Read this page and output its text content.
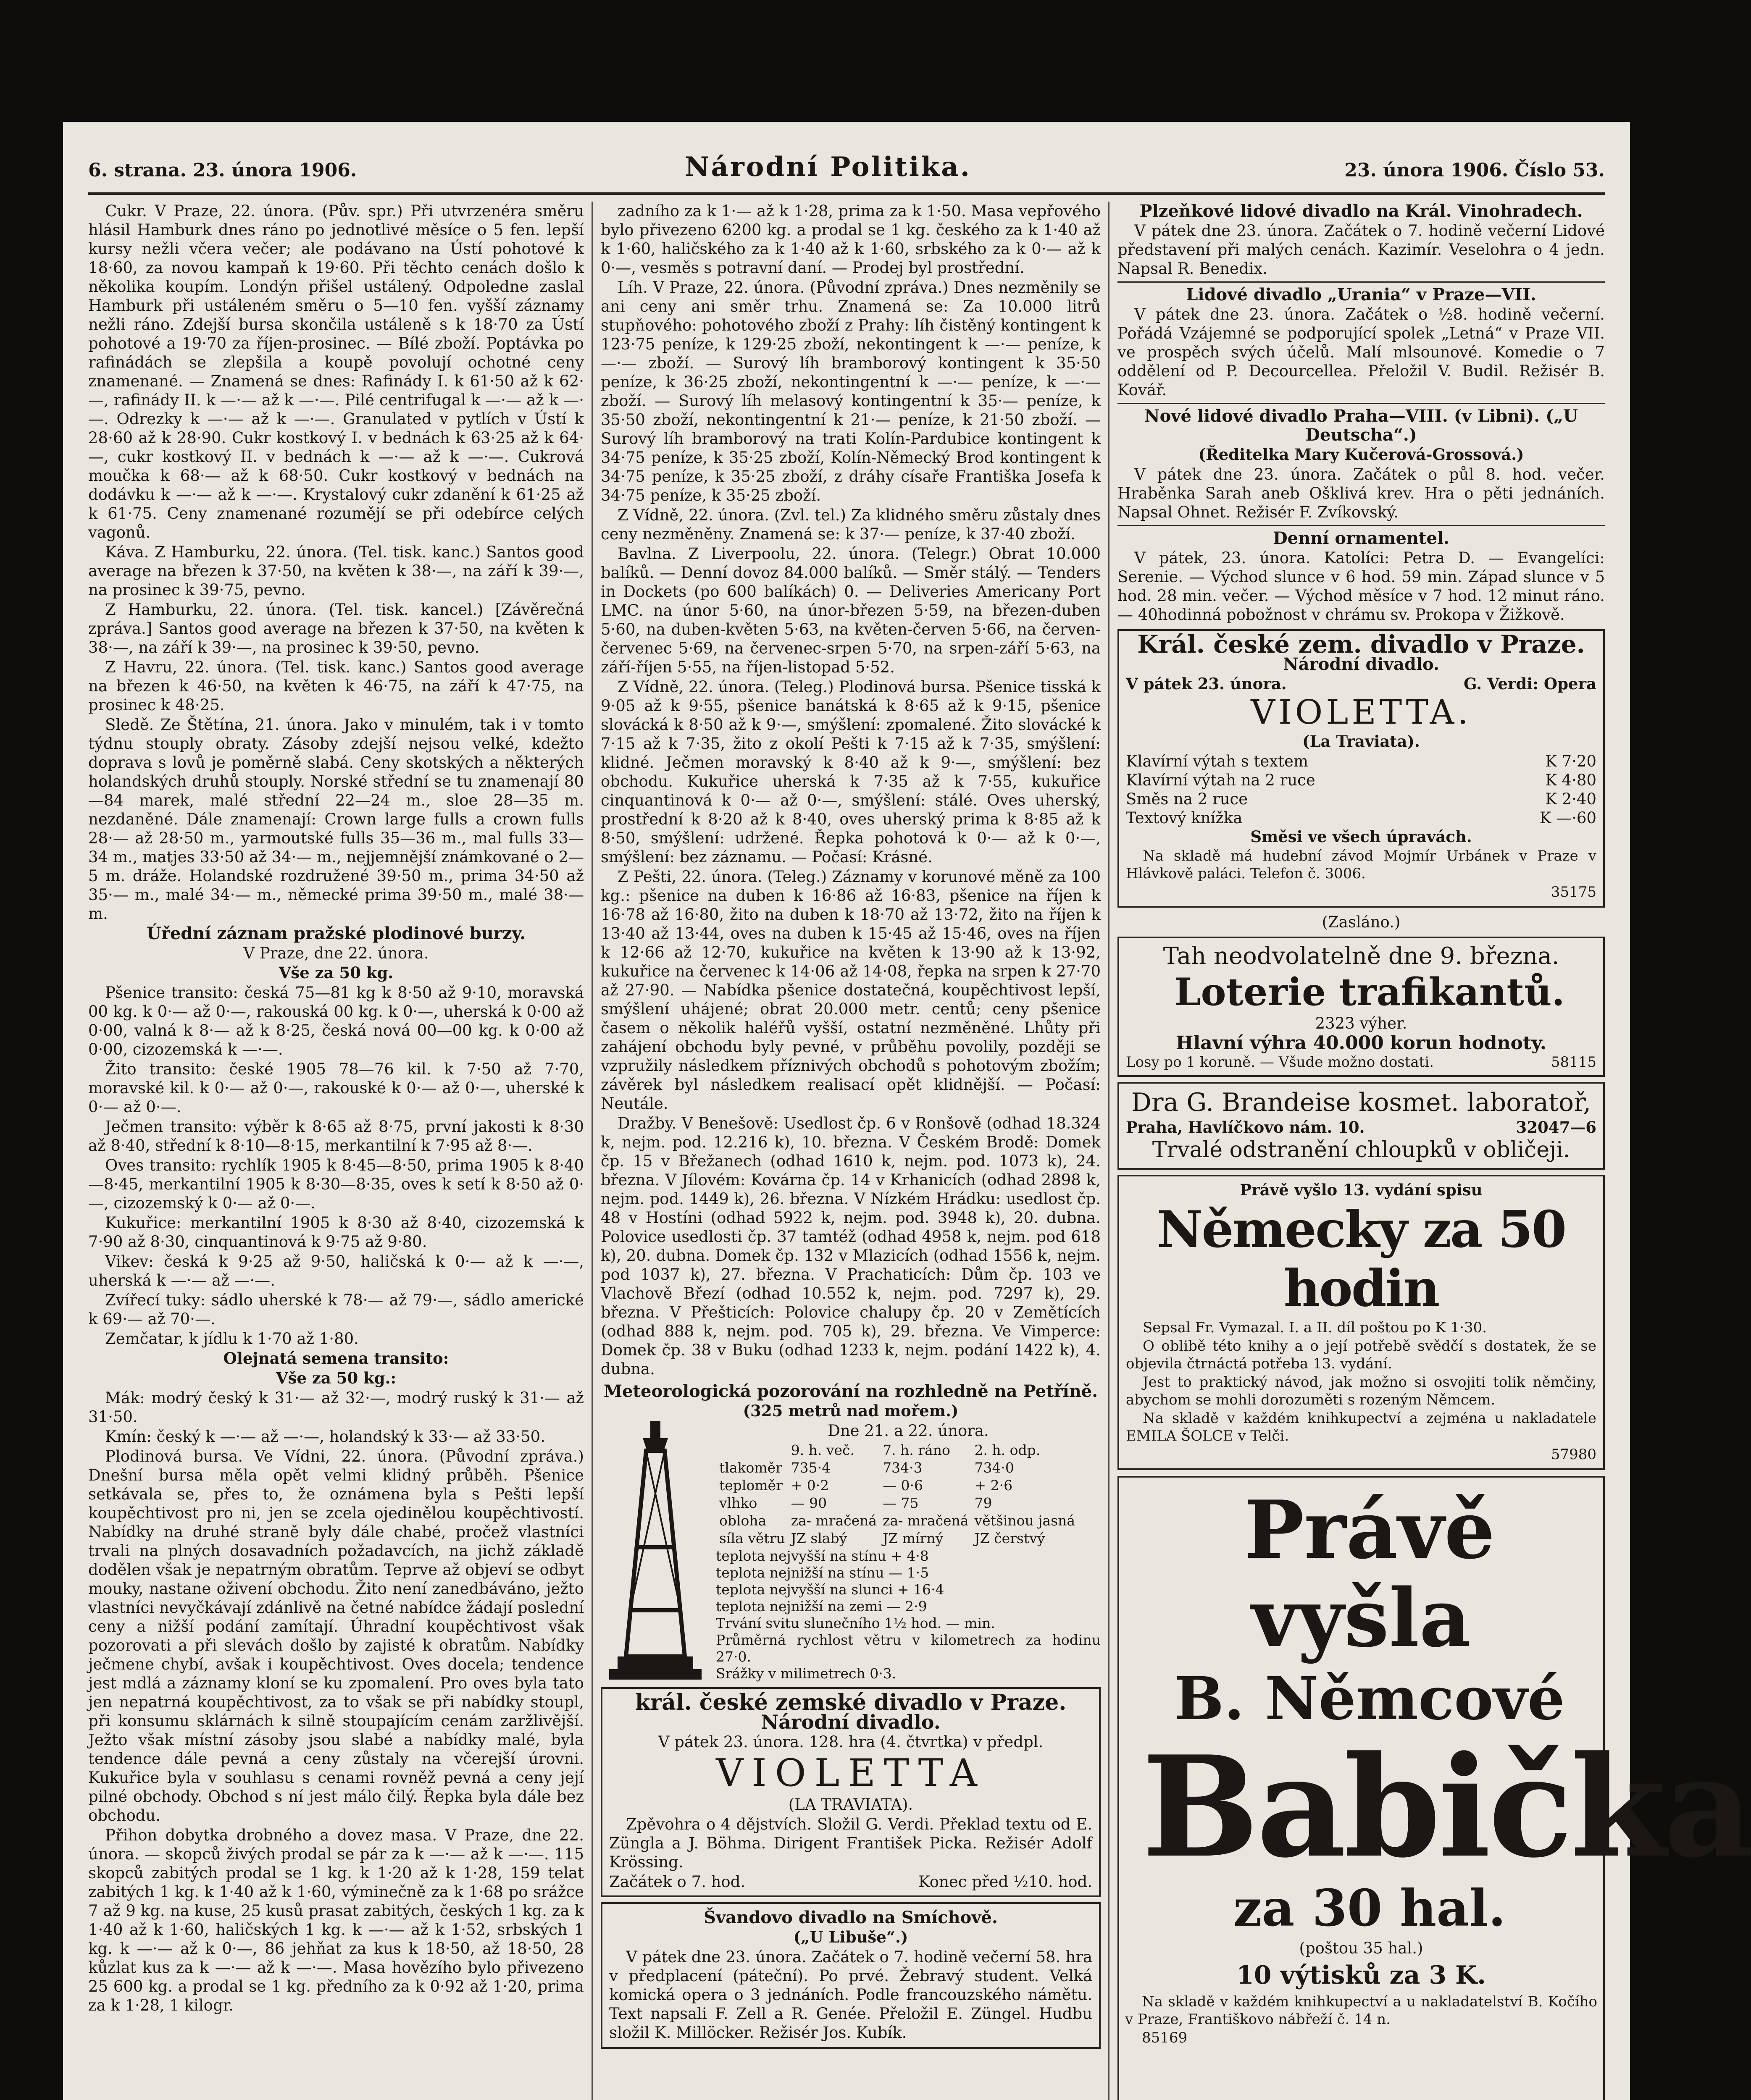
6. strana. 23. února 1906.	Národní Politika.	23. února 1906. Číslo 53.

Cukr. V Praze, 22. února. (Pův. spr.) Při utvrzenéra směru hlásil Hamburk dnes ráno po jednotlivé měsíce o 5 fen. lepší kursy nežli včera večer; ale podávano na Ústí pohotové k 18·60, za novou kampaň k 19·60. Při těchto cenách došlo k několika koupím. Londýn přišel ustálený. Odpoledne zaslal Hamburk při ustáleném směru o 5—10 fen. vyšší záznamy nežli ráno. Zdejší bursa skončila ustáleně s k 18·70 za Ústí pohotové a 19·70 za říjen-prosinec. — Bílé zboží. Poptávka po rafinádách se zlepšila a koupě povolují ochotné ceny znamenané. — Znamená se dnes: Rafinády I. k 61·50 až k 62·—, rafinády II. k —·— až k —·—. Pilé centrifugal k —·— až k —·—. Odrezky k —·— až k —·—. Granulated v pytlích v Ústí k 28·60 až k 28·90. Cukr kostkový I. v bednách k 63·25 až k 64·—, cukr kostkový II. v bednách k —·— až k —·—. Cukrová moučka k 68·— až k 68·50. Cukr kostkový v bednách na dodávku k —·— až k —·—. Krystalový cukr zdanění k 61·25 až k 61·75. Ceny znamenané rozumějí se při odebírce celých vagonů.

Káva. Z Hamburku, 22. února. (Tel. tisk. kanc.) Santos good average na březen k 37·50, na květen k 38·—, na září k 39·—, na prosinec k 39·75, pevno.

Z Hamburku, 22. února. (Tel. tisk. kancel.) [Závěrečná zpráva.] Santos good average na březen k 37·50, na květen k 38·—, na září k 39·—, na prosinec k 39·50, pevno.

Z Havru, 22. února. (Tel. tisk. kanc.) Santos good average na březen k 46·50, na květen k 46·75, na září k 47·75, na prosinec k 48·25.

Sledě. Ze Štětína, 21. února. Jako v minulém, tak i v tomto týdnu stouply obraty. Zásoby zdejší nejsou velké, kdežto doprava s lovů je poměrně slabá. Ceny skotských a některých holandských druhů stouply. Norské střední se tu znamenají 80—84 marek, malé střední 22—24 m., sloe 28—35 m. nezdaněné. Dále znamenají: Crown large fulls a crown fulls 28·— až 28·50 m., yarmoutské fulls 35—36 m., mal fulls 33—34 m., matjes 33·50 až 34·— m., nejjemnější známkované o 2—5 m. dráže. Holandské rozdružené 39·50 m., prima 34·50 až 35·— m., malé 34·— m., německé prima 39·50 m., malé 38·— m.

Úřední záznam pražské plodinové burzy.

V Praze, dne 22. února.

Vše za 50 kg.

Pšenice transito: česká 75—81 kg k 8·50 až 9·10, moravská 00 kg. k 0·— až 0·—, rakouská 00 kg. k 0·—, uherská k 0·00 až 0·00, valná k 8·— až k 8·25, česká nová 00—00 kg. k 0·00 až 0·00, cizozemská k —·—.

Žito transito: české 1905 78—76 kil. k 7·50 až 7·70, moravské kil. k 0·— až 0·—, rakouské k 0·— až 0·—, uherské k 0·— až 0·—.

Ječmen transito: výběr k 8·65 až 8·75, první jakosti k 8·30 až 8·40, střední k 8·10—8·15, merkantilní k 7·95 až 8·—.

Oves transito: rychlík 1905 k 8·45—8·50, prima 1905 k 8·40—8·45, merkantilní 1905 k 8·30—8·35, oves k setí k 8·50 až 0·—, cizozemský k 0·— až 0·—.

Kukuřice: merkantilní 1905 k 8·30 až 8·40, cizozemská k 7·90 až 8·30, cinquantinová k 9·75 až 9·80.

Vikev: česká k 9·25 až 9·50, haličská k 0·— až k —·—, uherská k —·— až —·—.

Zvířecí tuky: sádlo uherské k 78·— až 79·—, sádlo americké k 69·— až 70·—.

Zemčatar, k jídlu k 1·70 až 1·80.

Olejnatá semena transito:

Vše za 50 kg.:

Mák: modrý český k 31·— až 32·—, modrý ruský k 31·— až 31·50.

Kmín: český k —·— až —·—, holandský k 33·— až 33·50.

Plodinová bursa. Ve Vídni, 22. února. (Původní zpráva.) Dnešní bursa měla opět velmi klidný průběh. Pšenice setkávala se, přes to, že oznámena byla s Pešti lepší koupěchtivost pro ni, jen se zcela ojedinělou koupěchtivostí. Nabídky na druhé straně byly dále chabé, pročež vlastníci trvali na plných dosavadních požadavcích, na jichž základě dodělen však je nepatrným obratům. Teprve až objeví se odbyt mouky, nastane oživení obchodu. Žito není zanedbáváno, ježto vlastníci nevyčkávají zdánlivě na četné nabídce žádají poslední ceny a nižší podání zamítají. Úhradní koupěchtivost však pozorovati a při slevách došlo by zajisté k obratům. Nabídky ječmene chybí, avšak i koupěchtivost. Oves docela; tendence jest mdlá a záznamy kloní se ku zpomalení. Pro oves byla tato jen nepatrná koupěchtivost, za to však se při nabídky stoupl, při konsumu sklárnách k silně stoupajícím cenám zaržlivější. Ježto však místní zásoby jsou slabé a nabídky malé, byla tendence dále pevná a ceny zůstaly na včerejší úrovni. Kukuřice byla v souhlasu s cenami rovněž pevná a ceny její pilné obchody. Obchod s ní jest málo čilý. Řepka byla dále bez obchodu.

Přihon dobytka drobného a dovez masa. V Praze, dne 22. února. — skopců živých prodal se pár za k —·— až k —·—. 115 skopců zabitých prodal se 1 kg. k 1·20 až k 1·28, 159 telat zabitých 1 kg. k 1·40 až k 1·60, výminečně za k 1·68 po srážce 7 až 9 kg. na kuse, 25 kusů prasat zabitých, českých 1 kg. za k 1·40 až k 1·60, haličských 1 kg. k —·— až k 1·52, srbských 1 kg. k —·— až k 0·—, 86 jehňat za kus k 18·50, až 18·50, 28 kůzlat kus za k —·— až k —·—. Masa hovězího bylo přivezeno 25 600 kg. a prodal se 1 kg. předního za k 0·92 až 1·20, prima za k 1·28, 1 kilogr.

zadního za k 1·— až k 1·28, prima za k 1·50. Masa vepřového bylo přivezeno 6200 kg. a prodal se 1 kg. českého za k 1·40 až k 1·60, haličského za k 1·40 až k 1·60, srbského za k 0·— až k 0·—, vesměs s potravní daní. — Prodej byl prostřední.

Líh. V Praze, 22. února. (Původní zpráva.) Dnes nezměnily se ani ceny ani směr trhu. Znamená se: Za 10.000 litrů stupňového: pohotového zboží z Prahy: líh čistěný kontingent k 123·75 peníze, k 129·25 zboží, nekontingent k —·— peníze, k —·— zboží. — Surový líh bramborový kontingent k 35·50 peníze, k 36·25 zboží, nekontingentní k —·— peníze, k —·— zboží. — Surový líh melasový kontingentní k 35·— peníze, k 35·50 zboží, nekontingentní k 21·— peníze, k 21·50 zboží. — Surový líh bramborový na trati Kolín-Pardubice kontingent k 34·75 peníze, k 35·25 zboží, Kolín-Německý Brod kontingent k 34·75 peníze, k 35·25 zboží, z dráhy císaře Františka Josefa k 34·75 peníze, k 35·25 zboží.

Z Vídně, 22. února. (Zvl. tel.) Za klidného směru zůstaly dnes ceny nezměněny. Znamená se: k 37·— peníze, k 37·40 zboží.

Bavlna. Z Liverpoolu, 22. února. (Telegr.) Obrat 10.000 balíků. — Denní dovoz 84.000 balíků. — Směr stálý. — Tenders in Dockets (po 600 balíkách) 0. — Deliveries Americany Port LMC. na únor 5·60, na únor-březen 5·59, na březen-duben 5·60, na duben-květen 5·63, na květen-červen 5·66, na červen-červenec 5·69, na červenec-srpen 5·70, na srpen-září 5·63, na září-říjen 5·55, na říjen-listopad 5·52.

Z Vídně, 22. února. (Teleg.) Plodinová bursa. Pšenice tisská k 9·05 až k 9·55, pšenice banátská k 8·65 až k 9·15, pšenice slovácká k 8·50 až k 9·—, smýšlení: zpomalené. Žito slovácké k 7·15 až k 7·35, žito z okolí Pešti k 7·15 až k 7·35, smýšlení: klidné. Ječmen moravský k 8·40 až k 9·—, smýšlení: bez obchodu. Kukuřice uherská k 7·35 až k 7·55, kukuřice cinquantinová k 0·— až 0·—, smýšlení: stálé. Oves uherský, prostřední k 8·20 až k 8·40, oves uherský prima k 8·85 až k 8·50, smýšlení: udržené. Řepka pohotová k 0·— až k 0·—, smýšlení: bez záznamu. — Počasí: Krásné.

Z Pešti, 22. února. (Teleg.) Záznamy v korunové měně za 100 kg.: pšenice na duben k 16·86 až 16·83, pšenice na říjen k 16·78 až 16·80, žito na duben k 18·70 až 13·72, žito na říjen k 13·40 až 13·44, oves na duben k 15·45 až 15·46, oves na říjen k 12·66 až 12·70, kukuřice na květen k 13·90 až k 13·92, kukuřice na červenec k 14·06 až 14·08, řepka na srpen k 27·70 až 27·90. — Nabídka pšenice dostatečná, koupěchtivost lepší, smýšlení uhájené; obrat 20.000 metr. centů; ceny pšenice časem o několik haléřů vyšší, ostatní nezměněné. Lhůty při zahájení obchodu byly pevné, v průběhu povolily, později se vzpružily následkem příznivých obchodů s pohotovým zbožím; závěrek byl následkem realisací opět klidnější. — Počasí: Neutále.

Dražby. V Benešově: Usedlost čp. 6 v Ronšově (odhad 18.324 k, nejm. pod. 12.216 k), 10. března. V Českém Brodě: Domek čp. 15 v Břežanech (odhad 1610 k, nejm. pod. 1073 k), 24. března. V Jílovém: Kovárna čp. 14 v Krhanicích (odhad 2898 k, nejm. pod. 1449 k), 26. března. V Nízkém Hrádku: usedlost čp. 48 v Hostíni (odhad 5922 k, nejm. pod. 3948 k), 20. dubna. Polovice usedlosti čp. 37 tamtéž (odhad 4958 k, nejm. pod 618 k), 20. dubna. Domek čp. 132 v Mlazicích (odhad 1556 k, nejm. pod 1037 k), 27. března. V Prachaticích: Dům čp. 103 ve Vlachově Březí (odhad 10.552 k, nejm. pod. 7297 k), 29. března. V Přešticích: Polovice chalupy čp. 20 v Zemětících (odhad 888 k, nejm. pod. 705 k), 29. března. Ve Vimperce: Domek čp. 38 v Buku (odhad 1233 k, nejm. podání 1422 k), 4. dubna.

Meteorologická pozorování na rozhledně na Petříně.

(325 metrů nad mořem.)

Dne 21. a 22. února.

	9. h. več.	7. h. ráno	2. h. odp.
tlakoměr	735·4	734·3	734·0
teploměr	+ 0·2	— 0·6	+ 2·6
vlhko	— 90	— 75	79
obloha	za- mračená	za- mračená	většinou jasná
síla větru	JZ slabý	JZ mírný	JZ čerstvý
teplota nejvyšší na stínu + 4·8
teplota nejnižší na stínu — 1·5
teplota nejvyšší na slunci + 16·4
teplota nejnižší na zemi — 2·9
Trvání svitu slunečního 1½ hod. — min.
Průměrná rychlost větru v kilometrech za hodinu 27·0.
Srážky v milimetrech 0·3.

král. české zemské divadlo v Praze.

Národní divadlo.

V pátek 23. února. 128. hra (4. čtvrtka) v předpl.

VIOLETTA

(LA TRAVIATA).

Zpěvohra o 4 dějstvích. Složil G. Verdi. Překlad textu od E. Züngla a J. Böhma. Dirigent František Picka. Režisér Adolf Krössing.

Začátek o 7. hod.	Konec před ½10. hod.

Švandovo divadlo na Smíchově.

(„U Libuše“.)

V pátek dne 23. února. Začátek o 7. hodině večerní 58. hra v předplacení (páteční). Po prvé. Žebravý student. Velká komická opera o 3 jednáních. Podle francouzského námětu. Text napsali F. Zell a R. Genée. Přeložil E. Züngel. Hudbu složil K. Millöcker. Režisér Jos. Kubík.

Plzeňkové lidové divadlo na Král. Vinohradech.

V pátek dne 23. února. Začátek o 7. hodině večerní Lidové představení při malých cenách. Kazimír. Veselohra o 4 jedn. Napsal R. Benedix.

Lidové divadlo „Urania“ v Praze—VII.

V pátek dne 23. února. Začátek o ½8. hodině večerní. Pořádá Vzájemné se podporující spolek „Letná“ v Praze VII. ve prospěch svých účelů. Malí mlsounové. Komedie o 7 oddělení od P. Decourcellea. Přeložil V. Budil. Režisér B. Kovář.

Nové lidové divadlo Praha—VIII. (v Libni). („U Deutscha“.)

(Ředitelka Mary Kučerová-Grossová.)

V pátek dne 23. února. Začátek o půl 8. hod. večer. Hraběnka Sarah aneb Ošklivá krev. Hra o pěti jednáních. Napsal Ohnet. Režisér F. Zvíkovský.

Denní ornamentel.

V pátek, 23. února. Katolíci: Petra D. — Evangelíci: Serenie. — Východ slunce v 6 hod. 59 min. Západ slunce v 5 hod. 28 min. večer. — Východ měsíce v 7 hod. 12 minut ráno. — 40hodinná pobožnost v chrámu sv. Prokopa v Žižkově.

Král. české zem. divadlo v Praze.

Národní divadlo.

V pátek 23. února.	G. Verdi: Opera

VIOLETTA.

(La Traviata).

Klavírní výtah s textem	K 7·20
Klavírní výtah na 2 ruce	K 4·80
Směs na 2 ruce	K 2·40
Textový knížka	K —·60

Směsi ve všech úpravách.

Na skladě má hudební závod Mojmír Urbánek v Praze v Hlávkově paláci. Telefon č. 3006.

35175

(Zasláno.)

Tah neodvolatelně dne 9. března.

Loterie trafikantů.

2323 výher.

Hlavní výhra 40.000 korun hodnoty.

Losy po 1 koruně. — Všude možno dostati.	58115

Dra G. Brandeise kosmet. laboratoř,

Praha, Havlíčkovo nám. 10.	32047—6

Trvalé odstranění chloupků v obličeji.

Právě vyšlo 13. vydání spisu

Německy za 50 hodin

Sepsal Fr. Vymazal. I. a II. díl poštou po K 1·30.

O oblibě této knihy a o její potřebě svědčí s dostatek, že se objevila čtrnáctá potřeba 13. vydání.

Jest to praktický návod, jak možno si osvojiti tolik němčiny, abychom se mohli dorozuměti s rozeným Němcem.

Na skladě v každém knihkupectví a zejména u nakladatele EMILA ŠOLCE v Telči.

57980

Právě vyšla

B. Němcové

Babička

za 30 hal.

(poštou 35 hal.)

10 výtisků za 3 K.

Na skladě v každém knihkupectví a u nakladatelství B. Kočího v Praze, Františkovo nábřeží č. 14 n.

85169
